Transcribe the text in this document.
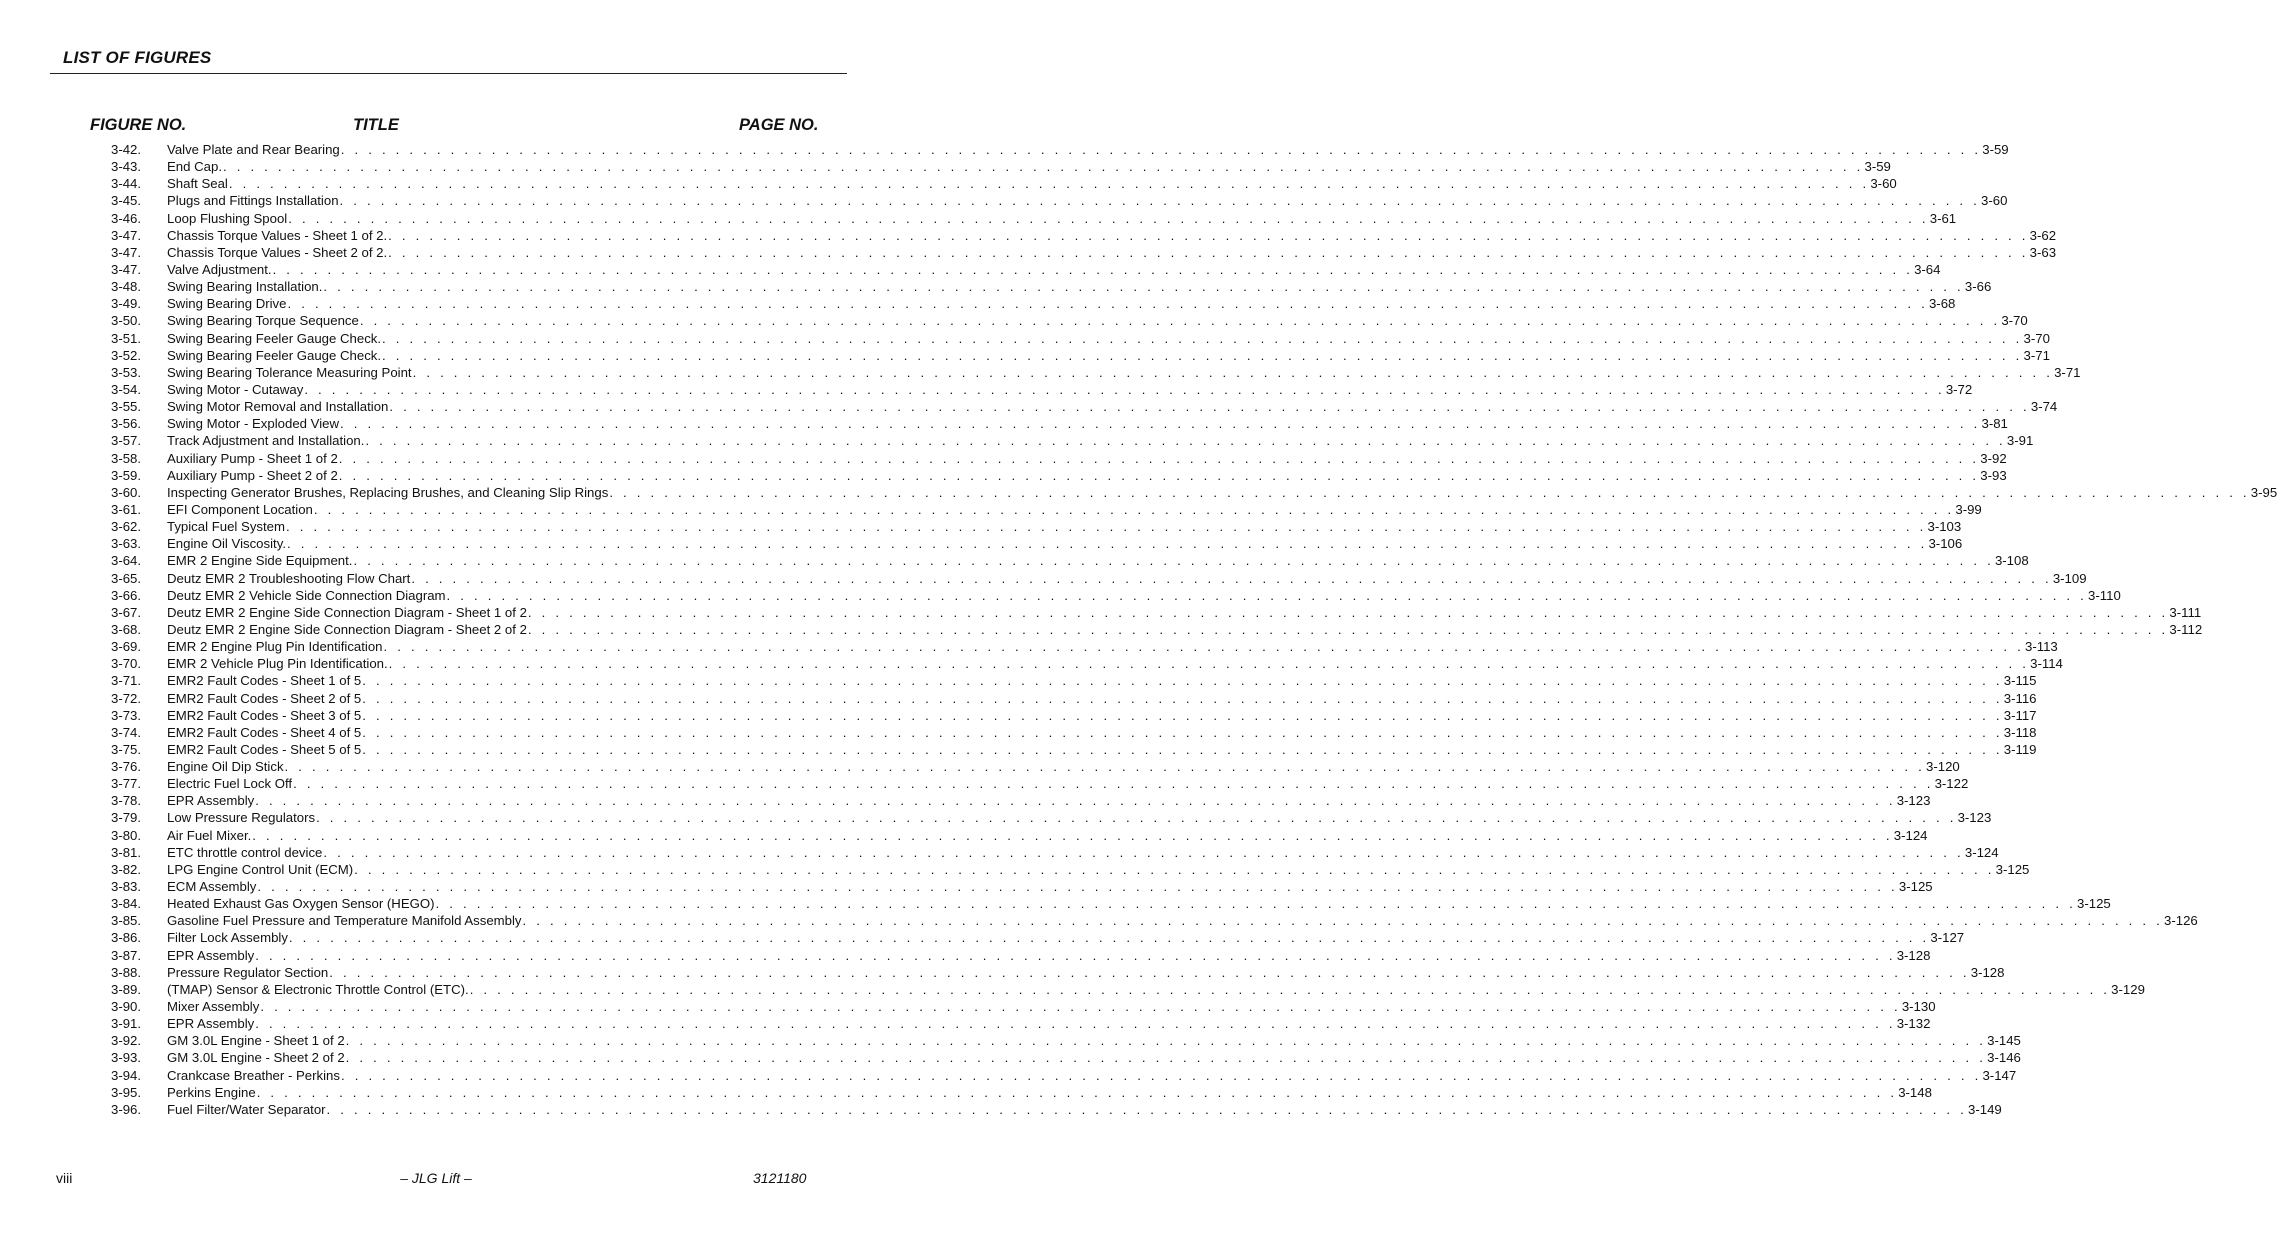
LIST OF FIGURES
FIGURE NO.	TITLE	PAGE NO.
3-42. Valve Plate and Rear Bearing . . . . . . . . . . . . . . . . . . . . . . . . . . . . . . . . . . . . . . . . . . . . . . . . . . . . . . . . . . . . . . . . . . . . . . . . . . . . . . . . . . . . . . . . . . . . . . . . . . . . . . . . . . . . . . . . . . . . . . . . 3-59
3-43. End Cap. . . . . . . . . . . . . . . . . . . . . . . . . . . . . . . . . . . . . . . . . . . . . . . . . . . . . . . . . . . . . . . . . . . . . . . . . . . . . . . . . . . . . . . . . . . . . . . . . . . . . . . . . . . . . . . . . . . . . . . . . 3-59
3-44. Shaft Seal . . . . . . . . . . . . . . . . . . . . . . . . . . . . . . . . . . . . . . . . . . . . . . . . . . . . . . . . . . . . . . . . . . . . . . . . . . . . . . . . . . . . . . . . . . . . . . . . . . . . . . . . . . . . . . . . . . . . . . . . 3-60
3-45. Plugs and Fittings Installation . . . . . . . . . . . . . . . . . . . . . . . . . . . . . . . . . . . . . . . . . . . . . . . . . . . . . . . . . . . . . . . . . . . . . . . . . . . . . . . . . . . . . . . . . . . . . . . . . . . . . . . . . . . . . . . . . . . . . . . . 3-60
3-46. Loop Flushing Spool . . . . . . . . . . . . . . . . . . . . . . . . . . . . . . . . . . . . . . . . . . . . . . . . . . . . . . . . . . . . . . . . . . . . . . . . . . . . . . . . . . . . . . . . . . . . . . . . . . . . . . . . . . . . . . . . . . . . . . . . 3-61
3-47. Chassis Torque Values - Sheet 1 of 2. . . . . . . . . . . . . . . . . . . . . . . . . . . . . . . . . . . . . . . . . . . . . . . . . . . . . . . . . . . . . . . . . . . . . . . . . . . . . . . . . . . . . . . . . . . . . . . . . . . . . . . . . . . . . . . . . . . . . . . . . 3-62
3-47. Chassis Torque Values - Sheet 2 of 2. . . . . . . . . . . . . . . . . . . . . . . . . . . . . . . . . . . . . . . . . . . . . . . . . . . . . . . . . . . . . . . . . . . . . . . . . . . . . . . . . . . . . . . . . . . . . . . . . . . . . . . . . . . . . . . . . . . . . . . . . 3-63
3-47. Valve Adjustment. . . . . . . . . . . . . . . . . . . . . . . . . . . . . . . . . . . . . . . . . . . . . . . . . . . . . . . . . . . . . . . . . . . . . . . . . . . . . . . . . . . . . . . . . . . . . . . . . . . . . . . . . . . . . . . . . . . . . . . . . 3-64
3-48. Swing Bearing Installation. . . . . . . . . . . . . . . . . . . . . . . . . . . . . . . . . . . . . . . . . . . . . . . . . . . . . . . . . . . . . . . . . . . . . . . . . . . . . . . . . . . . . . . . . . . . . . . . . . . . . . . . . . . . . . . . . . . . . . . . . 3-66
3-49. Swing Bearing Drive . . . . . . . . . . . . . . . . . . . . . . . . . . . . . . . . . . . . . . . . . . . . . . . . . . . . . . . . . . . . . . . . . . . . . . . . . . . . . . . . . . . . . . . . . . . . . . . . . . . . . . . . . . . . . . . . . . . . . . . . 3-68
3-50. Swing Bearing Torque Sequence . . . . . . . . . . . . . . . . . . . . . . . . . . . . . . . . . . . . . . . . . . . . . . . . . . . . . . . . . . . . . . . . . . . . . . . . . . . . . . . . . . . . . . . . . . . . . . . . . . . . . . . . . . . . . . . . . . . . . . . . 3-70
3-51. Swing Bearing Feeler Gauge Check. . . . . . . . . . . . . . . . . . . . . . . . . . . . . . . . . . . . . . . . . . . . . . . . . . . . . . . . . . . . . . . . . . . . . . . . . . . . . . . . . . . . . . . . . . . . . . . . . . . . . . . . . . . . . . . . . . . . . . . . . 3-70
3-52. Swing Bearing Feeler Gauge Check. . . . . . . . . . . . . . . . . . . . . . . . . . . . . . . . . . . . . . . . . . . . . . . . . . . . . . . . . . . . . . . . . . . . . . . . . . . . . . . . . . . . . . . . . . . . . . . . . . . . . . . . . . . . . . . . . . . . . . . . . 3-71
3-53. Swing Bearing Tolerance Measuring Point . . . . . . . . . . . . . . . . . . . . . . . . . . . . . . . . . . . . . . . . . . . . . . . . . . . . . . . . . . . . . . . . . . . . . . . . . . . . . . . . . . . . . . . . . . . . . . . . . . . . . . . . . . . . . . . . . . . . . . . . 3-71
3-54. Swing Motor - Cutaway . . . . . . . . . . . . . . . . . . . . . . . . . . . . . . . . . . . . . . . . . . . . . . . . . . . . . . . . . . . . . . . . . . . . . . . . . . . . . . . . . . . . . . . . . . . . . . . . . . . . . . . . . . . . . . . . . . . . . . . . 3-72
3-55. Swing Motor Removal and Installation . . . . . . . . . . . . . . . . . . . . . . . . . . . . . . . . . . . . . . . . . . . . . . . . . . . . . . . . . . . . . . . . . . . . . . . . . . . . . . . . . . . . . . . . . . . . . . . . . . . . . . . . . . . . . . . . . . . . . . . . 3-74
3-56. Swing Motor - Exploded View . . . . . . . . . . . . . . . . . . . . . . . . . . . . . . . . . . . . . . . . . . . . . . . . . . . . . . . . . . . . . . . . . . . . . . . . . . . . . . . . . . . . . . . . . . . . . . . . . . . . . . . . . . . . . . . . . . . . . . . . 3-81
3-57. Track Adjustment and Installation. . . . . . . . . . . . . . . . . . . . . . . . . . . . . . . . . . . . . . . . . . . . . . . . . . . . . . . . . . . . . . . . . . . . . . . . . . . . . . . . . . . . . . . . . . . . . . . . . . . . . . . . . . . . . . . . . . . . . . . . . 3-91
3-58. Auxiliary Pump - Sheet 1 of 2 . . . . . . . . . . . . . . . . . . . . . . . . . . . . . . . . . . . . . . . . . . . . . . . . . . . . . . . . . . . . . . . . . . . . . . . . . . . . . . . . . . . . . . . . . . . . . . . . . . . . . . . . . . . . . . . . . . . . . . . . 3-92
3-59. Auxiliary Pump - Sheet 2 of 2 . . . . . . . . . . . . . . . . . . . . . . . . . . . . . . . . . . . . . . . . . . . . . . . . . . . . . . . . . . . . . . . . . . . . . . . . . . . . . . . . . . . . . . . . . . . . . . . . . . . . . . . . . . . . . . . . . . . . . . . . 3-93
3-60. Inspecting Generator Brushes, Replacing Brushes, and Cleaning Slip Rings . . . . . . . . . . . . . . . . . . . . . . . . . . . . . . . . . . . . . . . . . . . . . . . . . . . . . . . . . . . . . . . . . . . . . . . . . . . . . . . . . . . . . . . . . . . . . . . . . . . . . . . . . . . . . . . . . . . . . . . . 3-95
3-61. EFI Component Location . . . . . . . . . . . . . . . . . . . . . . . . . . . . . . . . . . . . . . . . . . . . . . . . . . . . . . . . . . . . . . . . . . . . . . . . . . . . . . . . . . . . . . . . . . . . . . . . . . . . . . . . . . . . . . . . . . . . . . . . 3-99
3-62. Typical Fuel System . . . . . . . . . . . . . . . . . . . . . . . . . . . . . . . . . . . . . . . . . . . . . . . . . . . . . . . . . . . . . . . . . . . . . . . . . . . . . . . . . . . . . . . . . . . . . . . . . . . . . . . . . . . . . . . . . . . . . . . . 3-103
3-63. Engine Oil Viscosity. . . . . . . . . . . . . . . . . . . . . . . . . . . . . . . . . . . . . . . . . . . . . . . . . . . . . . . . . . . . . . . . . . . . . . . . . . . . . . . . . . . . . . . . . . . . . . . . . . . . . . . . . . . . . . . . . . . . . . . . . 3-106
3-64. EMR 2 Engine Side Equipment. . . . . . . . . . . . . . . . . . . . . . . . . . . . . . . . . . . . . . . . . . . . . . . . . . . . . . . . . . . . . . . . . . . . . . . . . . . . . . . . . . . . . . . . . . . . . . . . . . . . . . . . . . . . . . . . . . . . . . . . . 3-108
3-65. Deutz EMR 2 Troubleshooting Flow Chart . . . . . . . . . . . . . . . . . . . . . . . . . . . . . . . . . . . . . . . . . . . . . . . . . . . . . . . . . . . . . . . . . . . . . . . . . . . . . . . . . . . . . . . . . . . . . . . . . . . . . . . . . . . . . . . . . . . . . . . . 3-109
3-66. Deutz EMR 2 Vehicle Side Connection Diagram . . . . . . . . . . . . . . . . . . . . . . . . . . . . . . . . . . . . . . . . . . . . . . . . . . . . . . . . . . . . . . . . . . . . . . . . . . . . . . . . . . . . . . . . . . . . . . . . . . . . . . . . . . . . . . . . . . . . . . . . 3-110
3-67. Deutz EMR 2 Engine Side Connection Diagram - Sheet 1 of 2 . . . . . . . . . . . . . . . . . . . . . . . . . . . . . . . . . . . . . . . . . . . . . . . . . . . . . . . . . . . . . . . . . . . . . . . . . . . . . . . . . . . . . . . . . . . . . . . . . . . . . . . . . . . . . . . . . . . . . . . . 3-111
3-68. Deutz EMR 2 Engine Side Connection Diagram - Sheet 2 of 2 . . . . . . . . . . . . . . . . . . . . . . . . . . . . . . . . . . . . . . . . . . . . . . . . . . . . . . . . . . . . . . . . . . . . . . . . . . . . . . . . . . . . . . . . . . . . . . . . . . . . . . . . . . . . . . . . . . . . . . . . 3-112
3-69. EMR 2 Engine Plug Pin Identification . . . . . . . . . . . . . . . . . . . . . . . . . . . . . . . . . . . . . . . . . . . . . . . . . . . . . . . . . . . . . . . . . . . . . . . . . . . . . . . . . . . . . . . . . . . . . . . . . . . . . . . . . . . . . . . . . . . . . . . . 3-113
3-70. EMR 2 Vehicle Plug Pin Identification. . . . . . . . . . . . . . . . . . . . . . . . . . . . . . . . . . . . . . . . . . . . . . . . . . . . . . . . . . . . . . . . . . . . . . . . . . . . . . . . . . . . . . . . . . . . . . . . . . . . . . . . . . . . . . . . . . . . . . . . . 3-114
3-71. EMR2 Fault Codes - Sheet 1 of 5 . . . . . . . . . . . . . . . . . . . . . . . . . . . . . . . . . . . . . . . . . . . . . . . . . . . . . . . . . . . . . . . . . . . . . . . . . . . . . . . . . . . . . . . . . . . . . . . . . . . . . . . . . . . . . . . . . . . . . . . . 3-115
3-72. EMR2 Fault Codes - Sheet 2 of 5 . . . . . . . . . . . . . . . . . . . . . . . . . . . . . . . . . . . . . . . . . . . . . . . . . . . . . . . . . . . . . . . . . . . . . . . . . . . . . . . . . . . . . . . . . . . . . . . . . . . . . . . . . . . . . . . . . . . . . . . . 3-116
3-73. EMR2 Fault Codes - Sheet 3 of 5 . . . . . . . . . . . . . . . . . . . . . . . . . . . . . . . . . . . . . . . . . . . . . . . . . . . . . . . . . . . . . . . . . . . . . . . . . . . . . . . . . . . . . . . . . . . . . . . . . . . . . . . . . . . . . . . . . . . . . . . . 3-117
3-74. EMR2 Fault Codes - Sheet 4 of 5 . . . . . . . . . . . . . . . . . . . . . . . . . . . . . . . . . . . . . . . . . . . . . . . . . . . . . . . . . . . . . . . . . . . . . . . . . . . . . . . . . . . . . . . . . . . . . . . . . . . . . . . . . . . . . . . . . . . . . . . . 3-118
3-75. EMR2 Fault Codes - Sheet 5 of 5 . . . . . . . . . . . . . . . . . . . . . . . . . . . . . . . . . . . . . . . . . . . . . . . . . . . . . . . . . . . . . . . . . . . . . . . . . . . . . . . . . . . . . . . . . . . . . . . . . . . . . . . . . . . . . . . . . . . . . . . . 3-119
3-76. Engine Oil Dip Stick . . . . . . . . . . . . . . . . . . . . . . . . . . . . . . . . . . . . . . . . . . . . . . . . . . . . . . . . . . . . . . . . . . . . . . . . . . . . . . . . . . . . . . . . . . . . . . . . . . . . . . . . . . . . . . . . . . . . . . . . 3-120
3-77. Electric Fuel Lock Off . . . . . . . . . . . . . . . . . . . . . . . . . . . . . . . . . . . . . . . . . . . . . . . . . . . . . . . . . . . . . . . . . . . . . . . . . . . . . . . . . . . . . . . . . . . . . . . . . . . . . . . . . . . . . . . . . . . . . . . . 3-122
3-78. EPR Assembly . . . . . . . . . . . . . . . . . . . . . . . . . . . . . . . . . . . . . . . . . . . . . . . . . . . . . . . . . . . . . . . . . . . . . . . . . . . . . . . . . . . . . . . . . . . . . . . . . . . . . . . . . . . . . . . . . . . . . . . . 3-123
3-79. Low Pressure Regulators . . . . . . . . . . . . . . . . . . . . . . . . . . . . . . . . . . . . . . . . . . . . . . . . . . . . . . . . . . . . . . . . . . . . . . . . . . . . . . . . . . . . . . . . . . . . . . . . . . . . . . . . . . . . . . . . . . . . . . . . 3-123
3-80. Air Fuel Mixer. . . . . . . . . . . . . . . . . . . . . . . . . . . . . . . . . . . . . . . . . . . . . . . . . . . . . . . . . . . . . . . . . . . . . . . . . . . . . . . . . . . . . . . . . . . . . . . . . . . . . . . . . . . . . . . . . . . . . . . . . 3-124
3-81. ETC throttle control device . . . . . . . . . . . . . . . . . . . . . . . . . . . . . . . . . . . . . . . . . . . . . . . . . . . . . . . . . . . . . . . . . . . . . . . . . . . . . . . . . . . . . . . . . . . . . . . . . . . . . . . . . . . . . . . . . . . . . . . . 3-124
3-82. LPG Engine Control Unit (ECM) . . . . . . . . . . . . . . . . . . . . . . . . . . . . . . . . . . . . . . . . . . . . . . . . . . . . . . . . . . . . . . . . . . . . . . . . . . . . . . . . . . . . . . . . . . . . . . . . . . . . . . . . . . . . . . . . . . . . . . . . 3-125
3-83. ECM Assembly . . . . . . . . . . . . . . . . . . . . . . . . . . . . . . . . . . . . . . . . . . . . . . . . . . . . . . . . . . . . . . . . . . . . . . . . . . . . . . . . . . . . . . . . . . . . . . . . . . . . . . . . . . . . . . . . . . . . . . . . 3-125
3-84. Heated Exhaust Gas Oxygen Sensor (HEGO) . . . . . . . . . . . . . . . . . . . . . . . . . . . . . . . . . . . . . . . . . . . . . . . . . . . . . . . . . . . . . . . . . . . . . . . . . . . . . . . . . . . . . . . . . . . . . . . . . . . . . . . . . . . . . . . . . . . . . . . . 3-125
3-85. Gasoline Fuel Pressure and Temperature Manifold Assembly . . . . . . . . . . . . . . . . . . . . . . . . . . . . . . . . . . . . . . . . . . . . . . . . . . . . . . . . . . . . . . . . . . . . . . . . . . . . . . . . . . . . . . . . . . . . . . . . . . . . . . . . . . . . . . . . . . . . . . . . 3-126
3-86. Filter Lock Assembly . . . . . . . . . . . . . . . . . . . . . . . . . . . . . . . . . . . . . . . . . . . . . . . . . . . . . . . . . . . . . . . . . . . . . . . . . . . . . . . . . . . . . . . . . . . . . . . . . . . . . . . . . . . . . . . . . . . . . . . . 3-127
3-87. EPR Assembly . . . . . . . . . . . . . . . . . . . . . . . . . . . . . . . . . . . . . . . . . . . . . . . . . . . . . . . . . . . . . . . . . . . . . . . . . . . . . . . . . . . . . . . . . . . . . . . . . . . . . . . . . . . . . . . . . . . . . . . . 3-128
3-88. Pressure Regulator Section . . . . . . . . . . . . . . . . . . . . . . . . . . . . . . . . . . . . . . . . . . . . . . . . . . . . . . . . . . . . . . . . . . . . . . . . . . . . . . . . . . . . . . . . . . . . . . . . . . . . . . . . . . . . . . . . . . . . . . . . 3-128
3-89. (TMAP) Sensor & Electronic Throttle Control (ETC). . . . . . . . . . . . . . . . . . . . . . . . . . . . . . . . . . . . . . . . . . . . . . . . . . . . . . . . . . . . . . . . . . . . . . . . . . . . . . . . . . . . . . . . . . . . . . . . . . . . . . . . . . . . . . . . . . . . . . . . . 3-129
3-90. Mixer Assembly . . . . . . . . . . . . . . . . . . . . . . . . . . . . . . . . . . . . . . . . . . . . . . . . . . . . . . . . . . . . . . . . . . . . . . . . . . . . . . . . . . . . . . . . . . . . . . . . . . . . . . . . . . . . . . . . . . . . . . . . 3-130
3-91. EPR Assembly . . . . . . . . . . . . . . . . . . . . . . . . . . . . . . . . . . . . . . . . . . . . . . . . . . . . . . . . . . . . . . . . . . . . . . . . . . . . . . . . . . . . . . . . . . . . . . . . . . . . . . . . . . . . . . . . . . . . . . . . 3-132
3-92. GM 3.0L Engine - Sheet 1 of 2 . . . . . . . . . . . . . . . . . . . . . . . . . . . . . . . . . . . . . . . . . . . . . . . . . . . . . . . . . . . . . . . . . . . . . . . . . . . . . . . . . . . . . . . . . . . . . . . . . . . . . . . . . . . . . . . . . . . . . . . . 3-145
3-93. GM 3.0L Engine - Sheet 2 of 2 . . . . . . . . . . . . . . . . . . . . . . . . . . . . . . . . . . . . . . . . . . . . . . . . . . . . . . . . . . . . . . . . . . . . . . . . . . . . . . . . . . . . . . . . . . . . . . . . . . . . . . . . . . . . . . . . . . . . . . . . 3-146
3-94. Crankcase Breather - Perkins . . . . . . . . . . . . . . . . . . . . . . . . . . . . . . . . . . . . . . . . . . . . . . . . . . . . . . . . . . . . . . . . . . . . . . . . . . . . . . . . . . . . . . . . . . . . . . . . . . . . . . . . . . . . . . . . . . . . . . . . 3-147
3-95. Perkins Engine . . . . . . . . . . . . . . . . . . . . . . . . . . . . . . . . . . . . . . . . . . . . . . . . . . . . . . . . . . . . . . . . . . . . . . . . . . . . . . . . . . . . . . . . . . . . . . . . . . . . . . . . . . . . . . . . . . . . . . . . 3-148
3-96. Fuel Filter/Water Separator . . . . . . . . . . . . . . . . . . . . . . . . . . . . . . . . . . . . . . . . . . . . . . . . . . . . . . . . . . . . . . . . . . . . . . . . . . . . . . . . . . . . . . . . . . . . . . . . . . . . . . . . . . . . . . . . . . . . . . . . 3-149
viii	– JLG Lift –	3121180
